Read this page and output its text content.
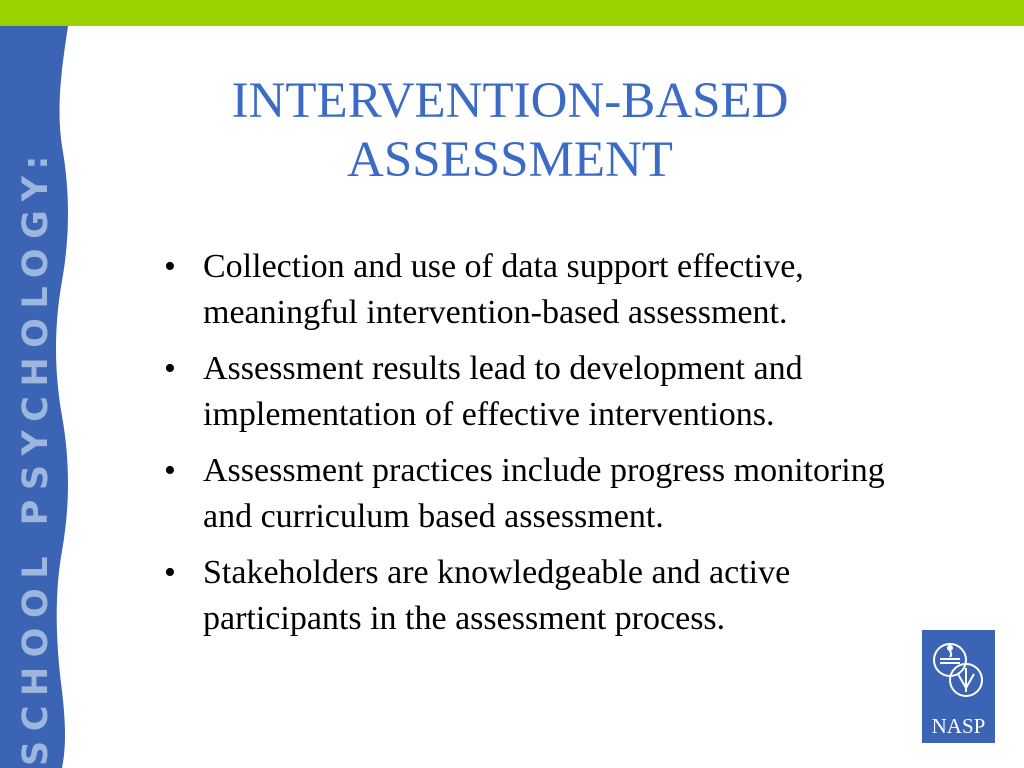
SCHOOL PSYCHOLOGY:
INTERVENTION-BASED
ASSESSMENT
• Collection and use of data support effective,
meaningful intervention-based assessment.
• Assessment results lead to development and
implementation of effective interventions.
• Assessment practices include progress monitoring
and curriculum based assessment.
• Stakeholders are knowledgeable and active
participants in the assessment process.
NASP
